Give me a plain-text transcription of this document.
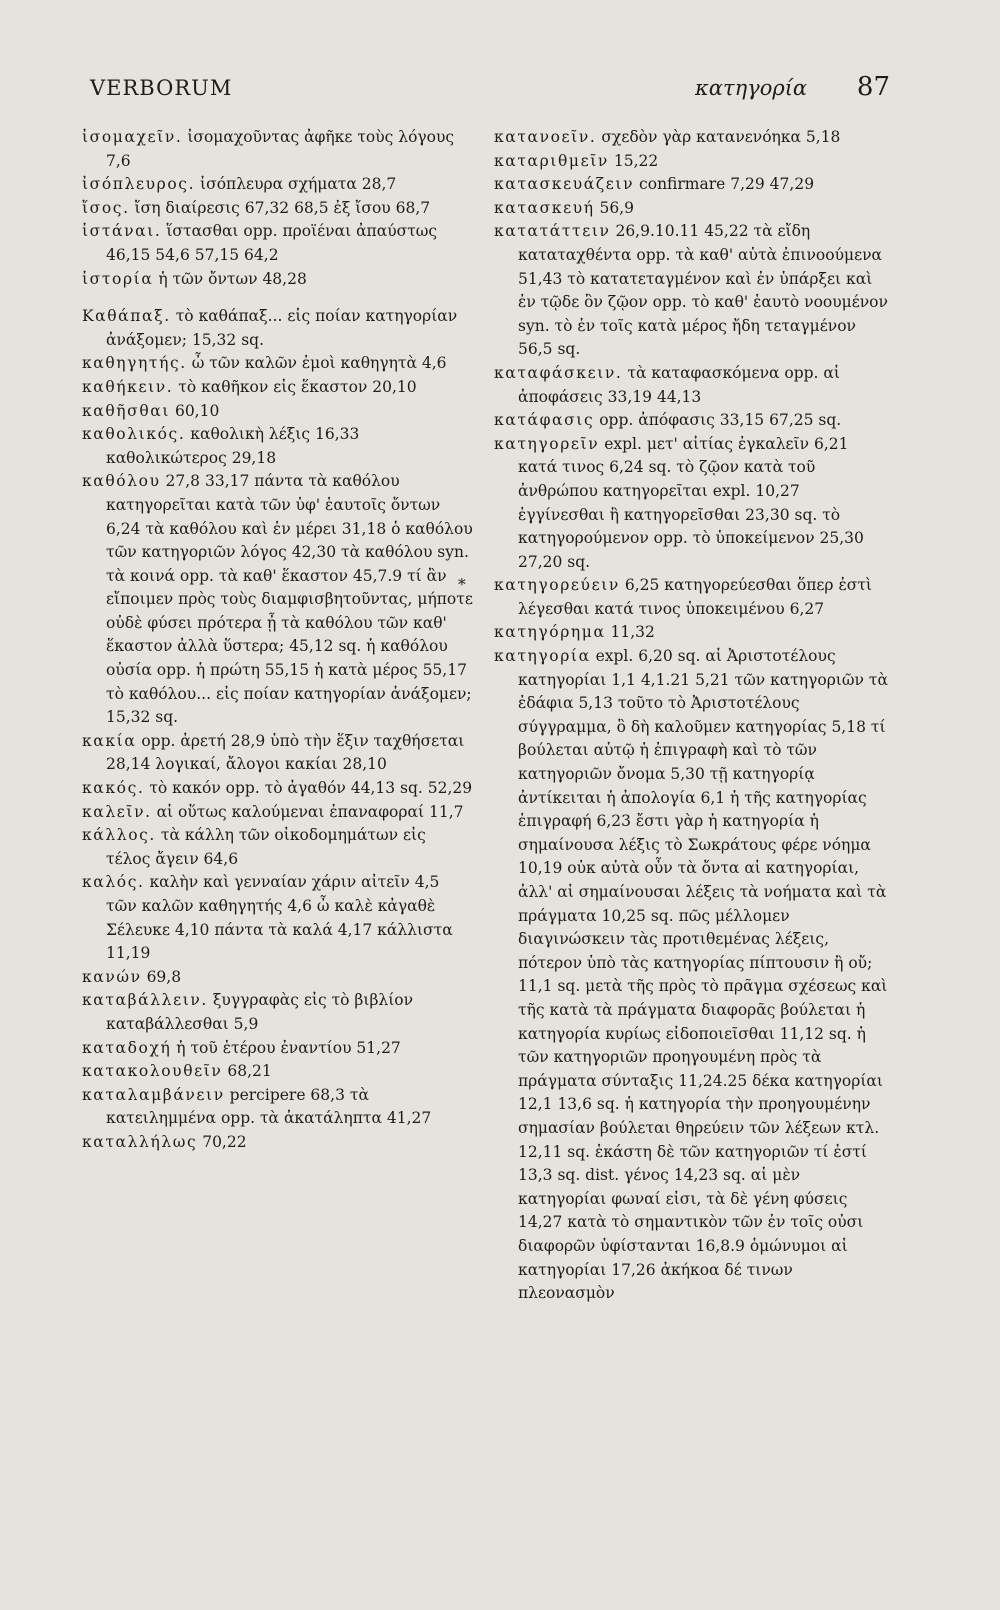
VERBORUM	κατηγορία 87

ἰσομαχεῖν. ἰσομαχοῦντας ἀφῆκε τοὺς λόγους 7,6

ἰσόπλευρος. ἰσόπλευρα σχήματα 28,7

ἴσος. ἴση διαίρεσις 67,32 68,5 ἐξ ἴσου 68,7

ἱστάναι. ἵστασθαι opp. προϊέναι ἀπαύστως 46,15 54,6 57,15 64,2

ἱστορία ἡ τῶν ὄντων 48,28

Καθάπαξ. τὸ καθάπαξ... εἰς ποίαν κατηγορίαν ἀνάξομεν; 15,32 sq.

καθηγητής. ὦ τῶν καλῶν ἐμοὶ καθηγητὰ 4,6

καθήκειν. τὸ καθῆκον εἰς ἕκαστον 20,10

καθῆσθαι 60,10

καθολικός. καθολικὴ λέξις 16,33 καθολικώτερος 29,18

καθόλου 27,8 33,17 πάντα τὰ καθόλου κατηγορεῖται κατὰ τῶν ὑφ' ἑαυτοῖς ὄντων 6,24 τὰ καθόλου καὶ ἐν μέρει 31,18 ὁ καθόλου τῶν κατηγοριῶν λόγος 42,30 τὰ καθόλου syn. τὰ κοινά opp. τὰ καθ' ἕκαστον 45,7.9 τί ἂν εἴποιμεν πρὸς τοὺς διαμφισβητοῦντας, μήποτε οὐδὲ φύσει πρότερα ᾖ τὰ καθόλου τῶν καθ' ἕκαστον ἀλλὰ ὕστερα; 45,12 sq. ἡ καθόλου οὐσία opp. ἡ πρώτη 55,15 ἡ κατὰ μέρος 55,17 τὸ καθόλου... εἰς ποίαν κατηγορίαν ἀνάξομεν; 15,32 sq.

κακία opp. ἀρετή 28,9 ὑπὸ τὴν ἕξιν ταχθήσεται 28,14 λογικαί, ἄλογοι κακίαι 28,10

κακός. τὸ κακόν opp. τὸ ἀγαθόν 44,13 sq. 52,29

καλεῖν. αἱ οὕτως καλούμεναι ἐπαναφοραί 11,7

κάλλος. τὰ κάλλη τῶν οἰκοδομημάτων εἰς τέλος ἄγειν 64,6

καλός. καλὴν καὶ γενναίαν χάριν αἰτεῖν 4,5 τῶν καλῶν καθηγητής 4,6 ὦ καλὲ κἀγαθὲ Σέλευκε 4,10 πάντα τὰ καλά 4,17 κάλλιστα 11,19

κανών 69,8

καταβάλλειν. ξυγγραφὰς εἰς τὸ βιβλίον καταβάλλεσθαι 5,9

καταδοχή ἡ τοῦ ἑτέρου ἐναντίου 51,27

κατακολουθεῖν 68,21

καταλαμβάνειν percipere 68,3 τὰ κατειλημμένα opp. τὰ ἀκατάληπτα 41,27

καταλλήλως 70,22

κατανοεῖν. σχεδὸν γὰρ κατανενόηκα 5,18

καταριθμεῖν 15,22

κατασκευάζειν confirmare 7,29 47,29

κατασκευή 56,9

κατατάττειν 26,9.10.11 45,22 τὰ εἴδη καταταχθέντα opp. τὰ καθ' αὑτὰ ἐπινοούμενα 51,43 τὸ κατατεταγμένον καὶ ἐν ὑπάρξει καὶ ἐν τῷδε ὂν ζῷον opp. τὸ καθ' ἑαυτὸ νοουμένον syn. τὸ ἐν τοῖς κατὰ μέρος ἤδη τεταγμένον 56,5 sq.

καταφάσκειν. τὰ καταφασκόμενα opp. αἱ ἀποφάσεις 33,19 44,13

κατάφασις opp. ἀπόφασις 33,15 67,25 sq.

κατηγορεῖν expl. μετ' αἰτίας ἐγκαλεῖν 6,21 κατά τινος 6,24 sq. τὸ ζῷον κατὰ τοῦ ἀνθρώπου κατηγορεῖται expl. 10,27 ἐγγίνεσθαι ἢ κατηγορεῖσθαι 23,30 sq. τὸ κατηγορούμενον opp. τὸ ὑποκείμενον 25,30 27,20 sq.

* κατηγορεύειν 6,25 κατηγορεύεσθαι ὅπερ ἐστὶ λέγεσθαι κατά τινος ὑποκειμένου 6,27

κατηγόρημα 11,32

κατηγορία expl. 6,20 sq. αἱ Ἀριστοτέλους κατηγορίαι 1,1 4,1.21 5,21 τῶν κατηγοριῶν τὰ ἐδάφια 5,13 τοῦτο τὸ Ἀριστοτέλους σύγγραμμα, ὃ δὴ καλοῦμεν κατηγορίας 5,18 τί βούλεται αὐτῷ ἡ ἐπιγραφὴ καὶ τὸ τῶν κατηγοριῶν ὄνομα 5,30 τῇ κατηγορίᾳ ἀντίκειται ἡ ἀπολογία 6,1 ἡ τῆς κατηγορίας ἐπιγραφή 6,23 ἔστι γὰρ ἡ κατηγορία ἡ σημαίνουσα λέξις τὸ Σωκράτους φέρε νόημα 10,19 οὐκ αὐτὰ οὖν τὰ ὄντα αἱ κατηγορίαι, ἀλλ' αἱ σημαίνουσαι λέξεις τὰ νοήματα καὶ τὰ πράγματα 10,25 sq. πῶς μέλλομεν διαγινώσκειν τὰς προτιθεμένας λέξεις, πότερον ὑπὸ τὰς κατηγορίας πίπτουσιν ἢ οὔ; 11,1 sq. μετὰ τῆς πρὸς τὸ πρᾶγμα σχέσεως καὶ τῆς κατὰ τὰ πράγματα διαφορᾶς βούλεται ἡ κατηγορία κυρίως εἰδοποιεῖσθαι 11,12 sq. ἡ τῶν κατηγοριῶν προηγουμένη πρὸς τὰ πράγματα σύνταξις 11,24.25 δέκα κατηγορίαι 12,1 13,6 sq. ἡ κατηγορία τὴν προηγουμένην σημασίαν βούλεται θηρεύειν τῶν λέξεων κτλ. 12,11 sq. ἑκάστη δὲ τῶν κατηγοριῶν τί ἐστί 13,3 sq. dist. γένος 14,23 sq. αἱ μὲν κατηγορίαι φωναί εἰσι, τὰ δὲ γένη φύσεις 14,27 κατὰ τὸ σημαντικὸν τῶν ἐν τοῖς οὐσι διαφορῶν ὑφίστανται 16,8.9 ὁμώνυμοι αἱ κατηγορίαι 17,26 ἀκήκοα δέ τινων πλεονασμὸν
